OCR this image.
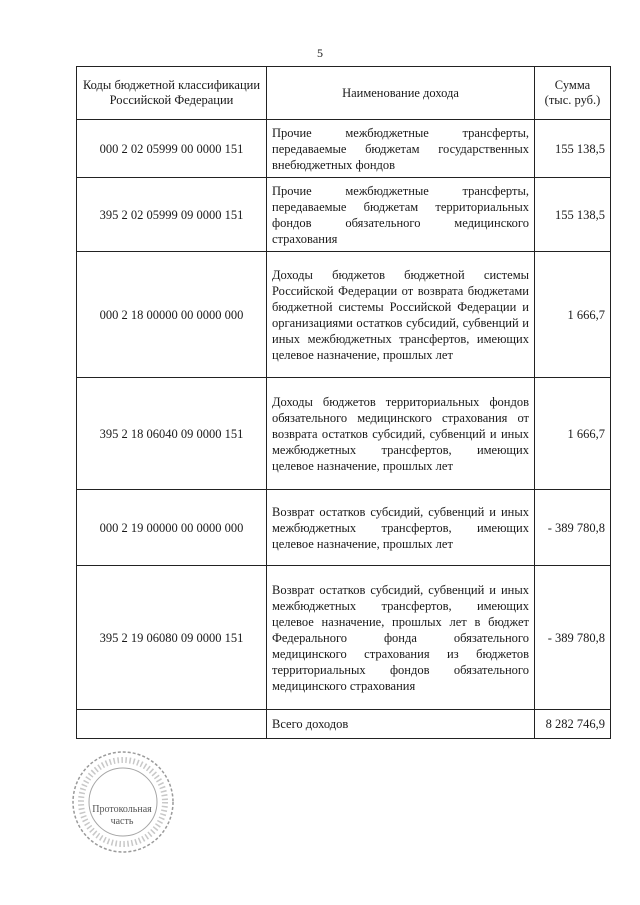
5
Коды бюджетной классификации Российской Федерации	Наименование дохода	Сумма (тыс. руб.)
000 2 02 05999 00 0000 151	Прочие межбюджетные трансферты, передаваемые бюджетам государственных внебюджетных фондов	155 138,5
395 2 02 05999 09 0000 151	Прочие межбюджетные трансферты, передаваемые бюджетам территориальных фондов обязательного медицинского страхования	155 138,5
000 2 18 00000 00 0000 000	Доходы бюджетов бюджетной системы Российской Федерации от возврата бюджетами бюджетной системы Российской Федерации и организациями остатков субсидий, субвенций и иных межбюджетных трансфертов, имеющих целевое назначение, прошлых лет	1 666,7
395 2 18 06040 09 0000 151	Доходы бюджетов территориальных фондов обязательного медицинского страхования от возврата остатков субсидий, субвенций и иных межбюджетных трансфертов, имеющих целевое назначение, прошлых лет	1 666,7
000 2 19 00000 00 0000 000	Возврат остатков субсидий, субвенций и иных межбюджетных трансфертов, имеющих целевое назначение, прошлых лет	- 389 780,8
395 2 19 06080 09 0000 151	Возврат остатков субсидий, субвенций и иных межбюджетных трансфертов, имеющих целевое назначение, прошлых лет в бюджет Федерального фонда обязательного медицинского страхования из бюджетов территориальных фондов обязательного медицинского страхования	- 389 780,8
	Всего доходов	8 282 746,9
Протокольная
часть
